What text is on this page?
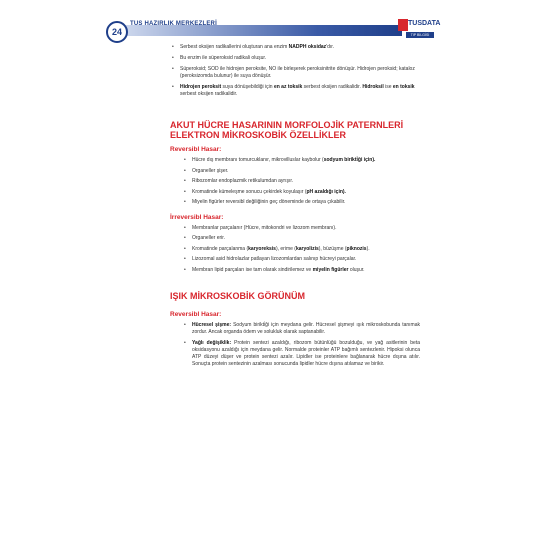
TUS HAZIRLIK MERKEZLERİ
24
TUSDATA
TIP BİLGİSİ MERKEZİ
• Serbest oksijen radikallerini oluşturan ana enzim NADPH oksidaz'dır.
• Bu enzim ile süperoksid radikali oluşur.
• Süperoksid; SOD ile hidrojen peroksite, NO ile birleşerek peroksinitrite dönüşür. Hidrojen peroksid; kataloz (peroksizomda bulunur) ile suya dönüşür.
• Hidrojen peroksit suya dönüşebildiği için en az toksik serbest oksijen radikalidir. Hidroksil ise en toksik serbest oksijen radikalidir.

AKUT HÜCRE HASARININ MORFOLOJİK PATERNLERİ

ELEKTRON MİKROSKOBİK ÖZELLİKLER

Reversibl Hasar:

• Hücre dış membranı tomurcuklanır, mikrovilluslar kaybolur (sodyum birikti̇ği için).
• Organeller şişer.
• Ribozomlar endoplazmik retikulumdan ayrışır.
• Kromatinde kümeleşme sonucu çekirdek koyulaşır (pH azaldığı için).
• Miyelin figürler reversibl değiliğinin geç döneminde de ortaya çıkabilir.

İrreversibl Hasar:

• Membranlar parçalanır (Hücre, mitokondri ve lizozom membranı).
• Organeller erir.
• Kromatinde parçalanma (karyoreksis), erime (karyolizis), büzüşme (piknozis).
• Lizozomal asid hidrolazlar patlayan lizozomlardan salınıp hücreyi parçalar.
• Membran lipid parçaları ise tam olarak sindirilemez ve miyelin figürler oluşur.

IŞIK MİKROSKOBİK GÖRÜNÜM

Reversibl Hasar:

• Hücresel şişme: Sodyum birikti̇ği için meydana gelir. Hücresel şişmeyi ışık mikroskobunda tanımak zordur. Ancak organda ödem ve solukluk olarak saptanabilir.
• Yağlı değişiklik: Protein sentezi azaldığı, ribozom bütünlüğü bozulduğu, ve yağ asitlerinin beta oksidasyonu azaldığı için meydana gelir. Normalde proteinler ATP bağımlı sentezlenir. Hipoksi olunca ATP düzeyi düşer ve protein sentezi azalır. Lipidler ise proteinlere bağlanarak hücre dışına atılır. Sonuçta protein sentezinin azalması sonucunda lipidler hücre dışına atılamaz ve birikir.
